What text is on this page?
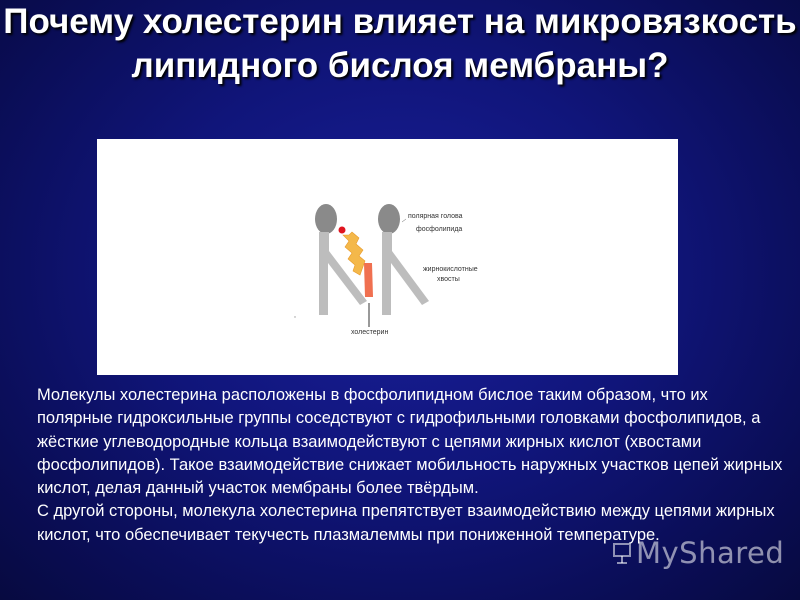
Почему холестерин влияет на микровязкость липидного бислоя мембраны?
полярная голова
фосфолипида
жирнокислотные
хвосты
холестерин

Молекулы холестерина расположены в фосфолипидном бислое таким образом, что их полярные гидроксильные группы соседствуют с гидрофильными головками фосфолипидов, а жёсткие углеводородные кольца взаимодействуют с цепями жирных кислот (хвостами фосфолипидов). Такое взаимодействие снижает мобильность наружных участков цепей жирных кислот, делая данный участок мембраны более твёрдым.

С другой стороны, молекула холестерина препятствует взаимодействию между цепями жирных кислот, что обеспечивает текучесть плазмалеммы при пониженной температуре.

MyShared
